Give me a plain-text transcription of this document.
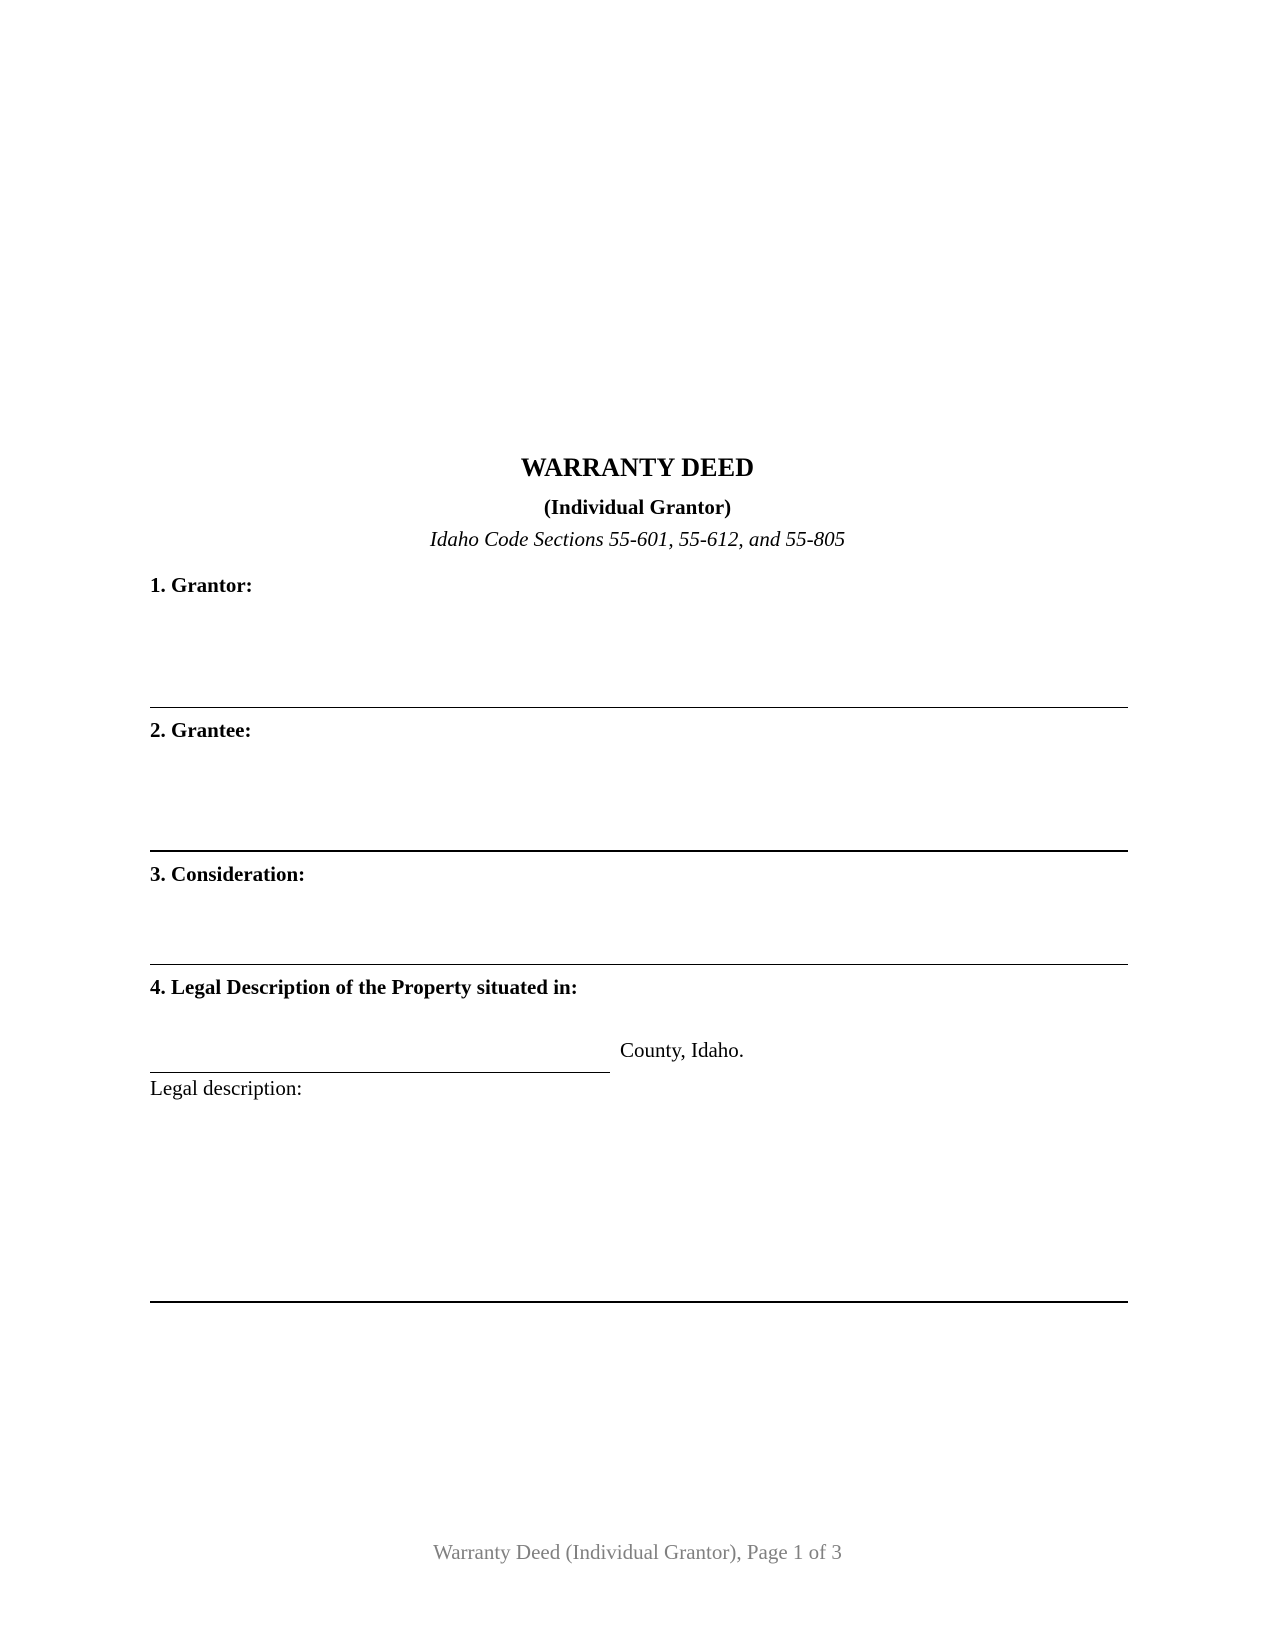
WARRANTY DEED
(Individual Grantor)
Idaho Code Sections 55-601, 55-612, and 55-805
1. Grantor:
2. Grantee:
3. Consideration:
4. Legal Description of the Property situated in:
County, Idaho.
Legal description:
Warranty Deed (Individual Grantor), Page 1 of 3
